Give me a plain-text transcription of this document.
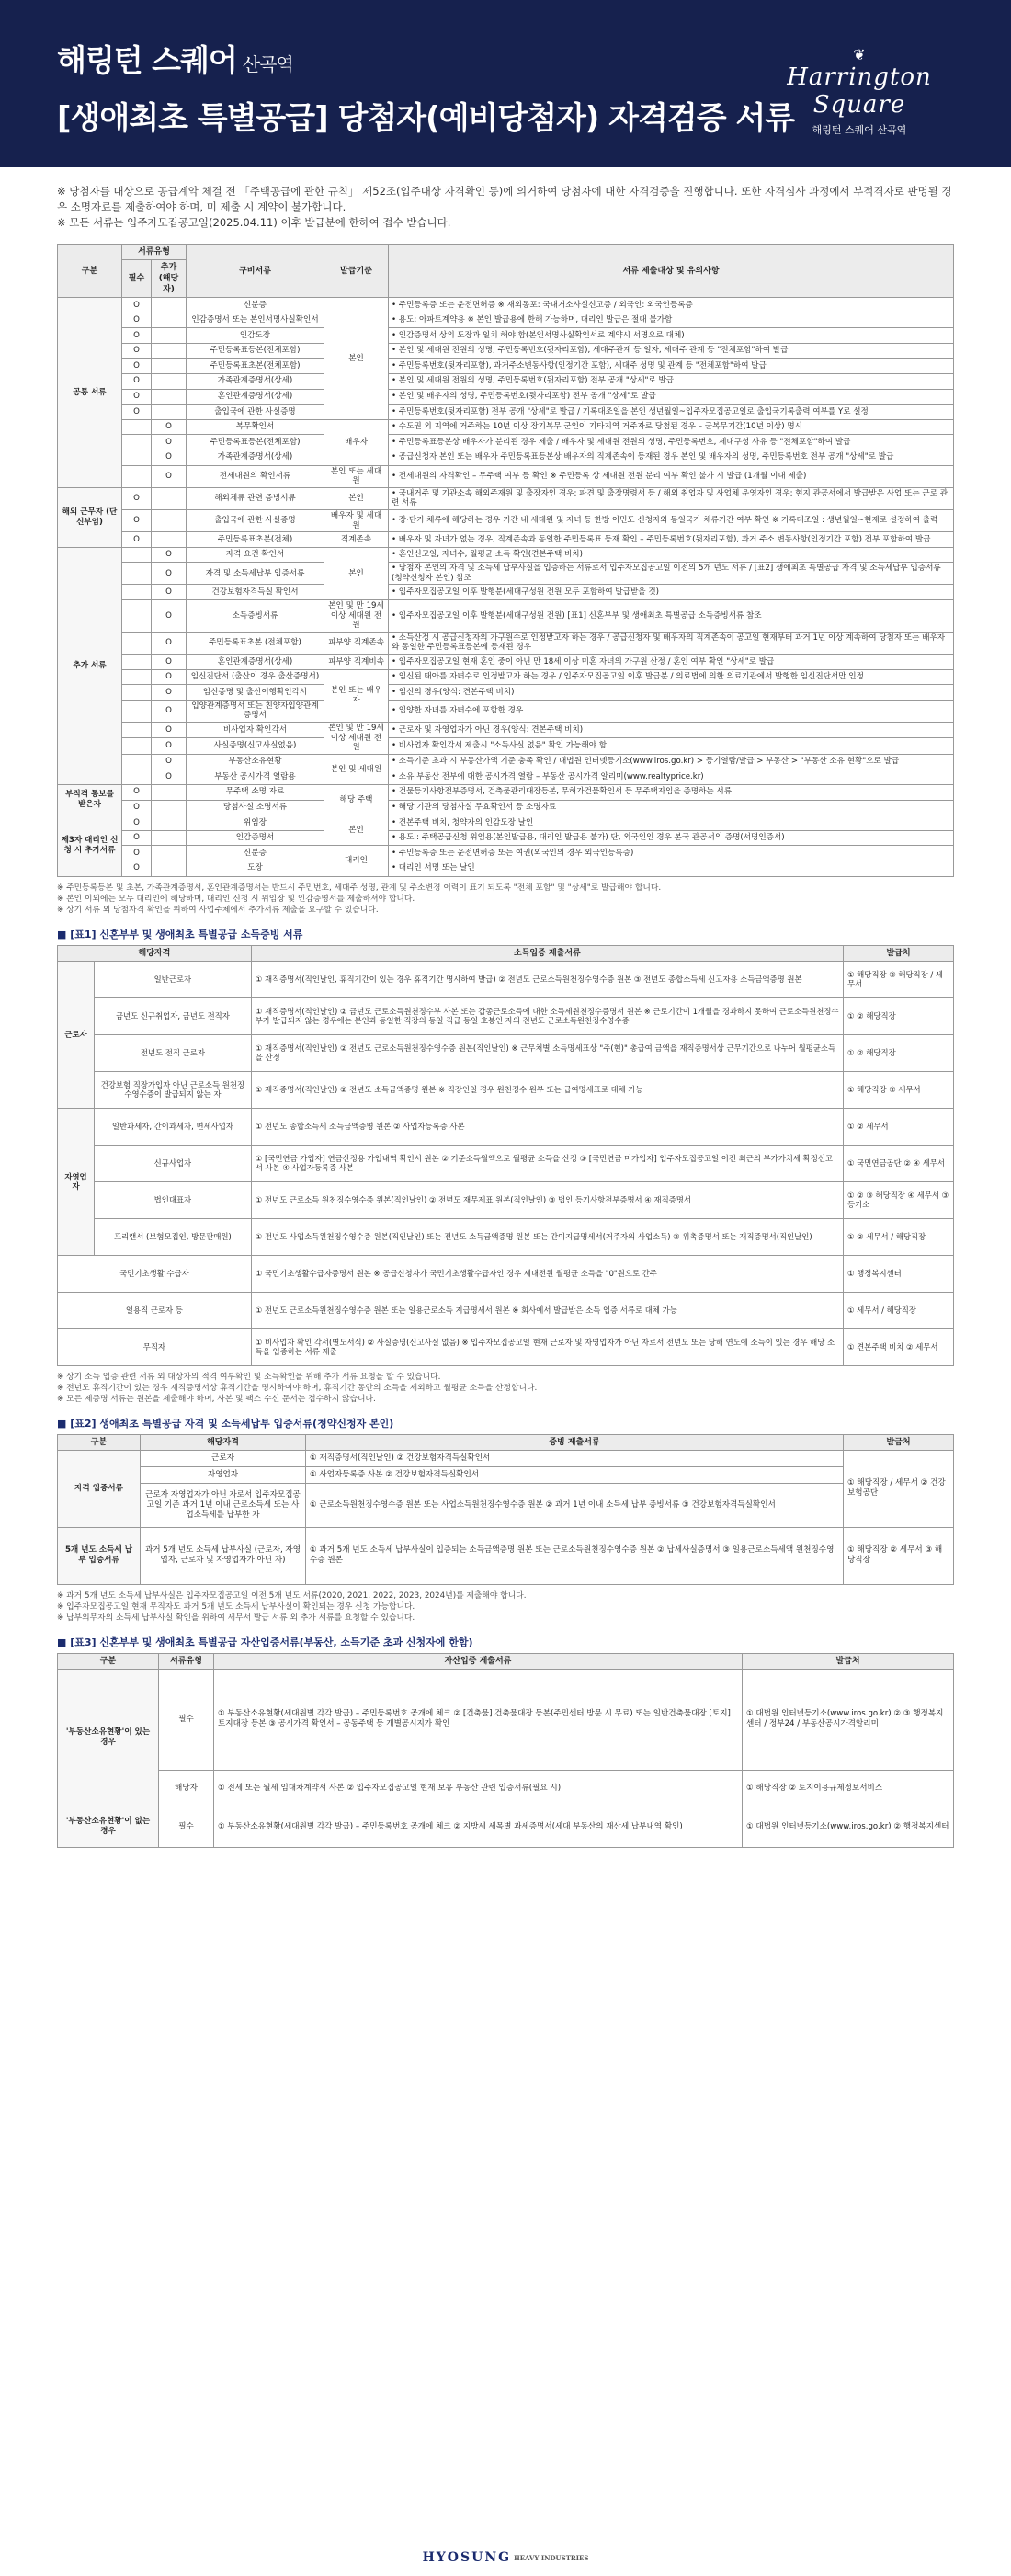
해링턴 스퀘어 산곡역
[생애최초 특별공급] 당첨자(예비당첨자) 자격검증 서류
❦
Harrington Square
해링턴 스퀘어 산곡역

※ 당첨자를 대상으로 공급계약 체결 전 「주택공급에 관한 규칙」 제52조(입주대상 자격확인 등)에 의거하여 당첨자에 대한 자격검증을 진행합니다. 또한 자격심사 과정에서 부적격자로 판명될 경우 소명자료를 제출하여야 하며, 미 제출 시 계약이 불가합니다.

※ 모든 서류는 입주자모집공고일(2025.04.11) 이후 발급분에 한하여 접수 받습니다.

구분	서류유형		구비서류	발급기준	서류 제출대상 및 유의사항
	필수	추가 (해당자)			
공통 서류	O		신분증	본인	• 주민등록증 또는 운전면허증 ※ 재외동포: 국내거소사실신고증 / 외국인: 외국인등록증
	O		인감증명서 또는 본인서명사실확인서		• 용도: 아파트계약용 ※ 본인 발급용에 한해 가능하며, 대리인 발급은 절대 불가함
	O		인감도장		• 인감증명서 상의 도장과 일치 해야 함(본인서명사실확인서로 계약시 서명으로 대체)
	O		주민등록표등본(전체포함)		• 본인 및 세대원 전원의 성명, 주민등록번호(뒷자리포함), 세대주관계 등 일자, 세대주 관계 등 "전체포함"하여 발급
	O		주민등록표초본(전체포함)		• 주민등록번호(뒷자리포함), 과거주소변동사항(인정기간 포함), 세대주 성명 및 관계 등 "전체포함"하여 발급
	O		가족관계증명서(상세)		• 본인 및 세대원 전원의 성명, 주민등록번호(뒷자리포함) 전부 공개 "상세"로 발급
	O		혼인관계증명서(상세)		• 본인 및 배우자의 성명, 주민등록번호(뒷자리포함) 전부 공개 "상세"로 발급
	O		출입국에 관한 사실증명		• 주민등록번호(뒷자리포함) 전부 공개 "상세"로 발급 / 기록대조일을 본인 생년월일~입주자모집공고일로 출입국기록출력 여부를 Y로 설정
		O	복무확인서	배우자	• 수도권 외 지역에 거주하는 10년 이상 장기복무 군인이 기타지역 거주자로 당첨된 경우 – 군복무기간(10년 이상) 명시
		O	주민등록표등본(전체포함)		• 주민등록표등본상 배우자가 분리된 경우 제출 / 배우자 및 세대원 전원의 성명, 주민등록번호, 세대구성 사유 등 "전체포함"하여 발급
		O	가족관계증명서(상세)		• 공급신청자 본인 또는 배우자 주민등록표등본상 배우자의 직계존속이 등재된 경우 본인 및 배우자의 성명, 주민등록번호 전부 공개 "상세"로 발급
		O	전세대원의 확인서류	본인 또는 세대원	• 전세대원의 자격확인 – 무주택 여부 등 확인 ※ 주민등록 상 세대원 전원 분리 여부 확인 불가 시 발급 (1개월 이내 제출)
해외 근무자 (단신부임)	O		해외체류 관련 증빙서류	본인	• 국내거주 및 기관소속 해외주재원 및 출장자인 경우: 파견 및 출장명령서 등 / 해외 취업자 및 사업체 운영자인 경우: 현지 관공서에서 발급받은 사업 또는 근로 관련 서류
	O		출입국에 관한 사실증명	배우자 및 세대원	• 장·단기 체류에 해당하는 경우 기간 내 세대원 및 자녀 등 한방 이민도 신청자와 동일국가 체류기간 여부 확인 ※ 기록대조일 : 생년월일~현재로 설정하여 출력
	O		주민등록표초본(전체)	직계존속	• 배우자 및 자녀가 없는 경우, 직계존속과 동일한 주민등록표 등재 확인 – 주민등록번호(뒷자리포함), 과거 주소 변동사항(인정기간 포함) 전부 포함하여 발급
추가 서류		O	자격 요건 확인서	본인	• 혼인신고일, 자녀수, 월평균 소득 확인(견본주택 비치)
		O	자격 및 소득세납부 입증서류		• 당첨자 본인의 자격 및 소득세 납부사실을 입증하는 서류로서 입주자모집공고일 이전의 5개 년도 서류 / [표2] 생애최초 특별공급 자격 및 소득세납부 입증서류(청약신청자 본인) 참조
		O	건강보험자격득실 확인서		• 입주자모집공고일 이후 발행분(세대구성원 전원 모두 포함하여 발급받을 것)
		O	소득증빙서류	본인 및 만 19세 이상 세대원 전원	• 입주자모집공고일 이후 발행분(세대구성원 전원) [표1] 신혼부부 및 생애최초 특별공급 소득증빙서류 참조
		O	주민등록표초본 (전체포함)	피부양 직계존속	• 소득산정 시 공급신청자의 가구원수로 인정받고자 하는 경우 / 공급신청자 및 배우자의 직계존속이 공고일 현재부터 과거 1년 이상 계속하여 당첨자 또는 배우자와 동일한 주민등록표등본에 등재된 경우
		O	혼인관계증명서(상세)	피부양 직계비속	• 입주자모집공고일 현재 혼인 중이 아닌 만 18세 이상 미혼 자녀의 가구원 산정 / 혼인 여부 확인 "상세"로 발급
		O	임신진단서 (출산이 경우 출산증명서)	본인 또는 배우자	• 임신된 태아를 자녀수로 인정받고자 하는 경우 / 입주자모집공고일 이후 발급분 / 의료법에 의한 의료기관에서 발행한 임신진단서만 인정
		O	임신증명 및 출산이행확인각서		• 임신의 경우(양식: 견본주택 비치)
		O	입양관계증명서 또는 친양자입양관계증명서		• 입양한 자녀를 자녀수에 포함한 경우
		O	비사업자 확인각서	본인 및 만 19세 이상 세대원 전원	• 근로자 및 자영업자가 아닌 경우(양식: 견본주택 비치)
		O	사실증명(신고사실없음)		• 비사업자 확인각서 제출시 "소득사실 없음" 확인 가능해야 함
		O	부동산소유현황	본인 및 세대원	• 소득기준 초과 시 부동산가액 기준 충족 확인 / 대법원 인터넷등기소(www.iros.go.kr) > 등기열람/발급 > 부동산 > "부동산 소유 현황"으로 발급
		O	부동산 공시가격 열람용		• 소유 부동산 전부에 대한 공시가격 열람 – 부동산 공시가격 알리미(www.realtyprice.kr)
부적격 통보를 받은자	O		무주택 소명 자료	해당 주택	• 건물등기사항전부증명서, 건축물관리대장등본, 무허가건물확인서 등 무주택자임을 증명하는 서류
	O		당첨사실 소명서류		• 해당 기관의 당첨사실 무효확인서 등 소명자료
제3자 대리인 신청 시 추가서류	O		위임장	본인	• 견본주택 비치, 청약자의 인감도장 날인
	O		인감증명서		• 용도 : 주택공급신청 위임용(본인발급용, 대리인 발급용 불가) 단, 외국인인 경우 본국 관공서의 증명(서명인증서)
	O		신분증	대리인	• 주민등록증 또는 운전면허증 또는 여권(외국인의 경우 외국인등록증)
	O		도장		• 대리인 서명 또는 날인

※ 주민등록등본 및 초본, 가족관계증명서, 혼인관계증명서는 반드시 주민번호, 세대주 성명, 관계 및 주소변경 이력이 표기 되도록 "전체 포함" 및 "상세"로 발급해야 합니다.

※ 본인 이외에는 모두 대리인에 해당하며, 대리인 신청 시 위임장 및 인감증명서를 제출하셔야 합니다.

※ 상기 서류 외 당첨자격 확인을 위하여 사업주체에서 추가서류 제출을 요구할 수 있습니다.

■ [표1] 신혼부부 및 생애최초 특별공급 소득증빙 서류
해당자격		소득입증 제출서류	발급처
근로자	일반근로자	① 재직증명서(직인날인, 휴직기간이 있는 경우 휴직기간 명시하여 발급) ② 전년도 근로소득원천징수영수증 원본 ③ 전년도 종합소득세 신고자용 소득금액증명 원본	① 해당직장 ② 해당직장 / 세무서
	금년도 신규취업자, 금년도 전직자	① 재직증명서(직인날인) ② 금년도 근로소득원천징수부 사본 또는 갑종근로소득에 대한 소득세원천징수증명서 원본 ※ 근로기간이 1개월을 경과하지 못하여 근로소득원천징수부가 발급되지 않는 경우에는 본인과 동일한 직장의 동일 직급 동일 호봉인 자의 전년도 근로소득원천징수영수증	① ② 해당직장
	전년도 전직 근로자	① 재직증명서(직인날인) ② 전년도 근로소득원천징수영수증 원본(직인날인) ※ 근무처별 소득명세표상 "주(현)" 총급여 금액을 재직증명서상 근무기간으로 나누어 월평균소득을 산정	① ② 해당직장
	건강보험 직장가입자 아닌 근로소득 원천징수영수증이 발급되지 않는 자	① 재직증명서(직인날인) ② 전년도 소득금액증명 원본 ※ 직장인일 경우 원천징수 원부 또는 급여명세표로 대체 가능	① 해당직장 ② 세무서
자영업자	일반과세자, 간이과세자, 면세사업자	① 전년도 종합소득세 소득금액증명 원본 ② 사업자등록증 사본	① ② 세무서
	신규사업자	① [국민연금 가입자] 연금산정용 가입내역 확인서 원본 ② 기준소득월액으로 월평균 소득을 산정 ③ [국민연금 미가입자] 입주자모집공고일 이전 최근의 부가가치세 확정신고서 사본 ④ 사업자등록증 사본	① 국민연금공단 ② ④ 세무서
	법인대표자	① 전년도 근로소득 원천징수영수증 원본(직인날인) ② 전년도 재무제표 원본(직인날인) ③ 법인 등기사항전부증명서 ④ 재직증명서	① ② ③ 해당직장 ④ 세무서 ③ 등기소
	프리랜서 (보험모집인, 방문판매원)	① 전년도 사업소득원천징수영수증 원본(직인날인) 또는 전년도 소득금액증명 원본 또는 간이지급명세서(거주자의 사업소득) ② 위촉증명서 또는 재직증명서(직인날인)	① ② 세무서 / 해당직장
국민기초생활 수급자		① 국민기초생활수급자증명서 원본 ※ 공급신청자가 국민기초생활수급자인 경우 세대전원 월평균 소득을 "0"원으로 간주	① 행정복지센터
일용직 근로자 등		① 전년도 근로소득원천징수영수증 원본 또는 일용근로소득 지급명세서 원본 ※ 회사에서 발급받은 소득 입증 서류로 대체 가능	① 세무서 / 해당직장
무직자		① 비사업자 확인 각서(별도서식) ② 사실증명(신고사실 없음) ※ 입주자모집공고일 현재 근로자 및 자영업자가 아닌 자로서 전년도 또는 당해 연도에 소득이 있는 경우 해당 소득을 입증하는 서류 제출	① 견본주택 비치 ② 세무서

※ 상기 소득 입증 관련 서류 외 대상자의 적격 여부확인 및 소득확인을 위해 추가 서류 요청을 할 수 있습니다.

※ 전년도 휴직기간이 있는 경우 재직증명서상 휴직기간을 명시하여야 하며, 휴직기간 동안의 소득을 제외하고 월평균 소득을 산정합니다.

※ 모든 제증명 서류는 원본을 제출해야 하며, 사본 및 팩스 수신 문서는 접수하지 않습니다.

■ [표2] 생애최초 특별공급 자격 및 소득세납부 입증서류(청약신청자 본인)
구분	해당자격	증빙 제출서류	발급처
자격 입증서류	근로자	① 재직증명서(직인날인) ② 건강보험자격득실확인서	① 해당직장 / 세무서 ② 건강보험공단
	자영업자	① 사업자등록증 사본 ② 건강보험자격득실확인서	
	근로자 자영업자가 아닌 자로서 입주자모집공고일 기준 과거 1년 이내 근로소득세 또는 사업소득세를 납부한 자	① 근로소득원천징수영수증 원본 또는 사업소득원천징수영수증 원본 ② 과거 1년 이내 소득세 납부 증빙서류 ③ 건강보험자격득실확인서	
5개 년도 소득세 납부 입증서류	과거 5개 년도 소득세 납부사실 (근로자, 자영업자, 근로자 및 자영업자가 아닌 자)	① 과거 5개 년도 소득세 납부사실이 입증되는 소득금액증명 원본 또는 근로소득원천징수영수증 원본 ② 납세사실증명서 ③ 일용근로소득세액 원천징수영수증 원본	① 해당직장 ② 세무서 ③ 해당직장

※ 과거 5개 년도 소득세 납부사실은 입주자모집공고일 이전 5개 년도 서류(2020, 2021, 2022, 2023, 2024년)를 제출해야 합니다.

※ 입주자모집공고일 현재 무직자도 과거 5개 년도 소득세 납부사실이 확인되는 경우 신청 가능합니다.

※ 납부의무자의 소득세 납부사실 확인을 위하여 세무서 발급 서류 외 추가 서류를 요청할 수 있습니다.

■ [표3] 신혼부부 및 생애최초 특별공급 자산입증서류(부동산, 소득기준 초과 신청자에 한함)
구분	서류유형	자산입증 제출서류	발급처
'부동산소유현황'이 있는 경우	필수	① 부동산소유현황(세대원별 각각 발급) – 주민등록번호 공개에 체크 ② [건축물] 건축물대장 등본(주민센터 방문 시 무료) 또는 일반건축물대장 [토지] 토지대장 등본 ③ 공시가격 확인서 – 공동주택 등 개별공시지가 확인	① 대법원 인터넷등기소(www.iros.go.kr) ② ③ 행정복지센터 / 정부24 / 부동산공시가격알리미
	해당자	① 전세 또는 월세 임대차계약서 사본 ② 입주자모집공고일 현재 보유 부동산 관련 입증서류(필요 시)	① 해당직장 ② 토지이용규제정보서비스
'부동산소유현황'이 없는 경우	필수	① 부동산소유현황(세대원별 각각 발급) – 주민등록번호 공개에 체크 ② 지방세 세목별 과세증명서(세대 부동산의 재산세 납부내역 확인)	① 대법원 인터넷등기소(www.iros.go.kr) ② 행정복지센터
HYOSUNG HEAVY INDUSTRIES
